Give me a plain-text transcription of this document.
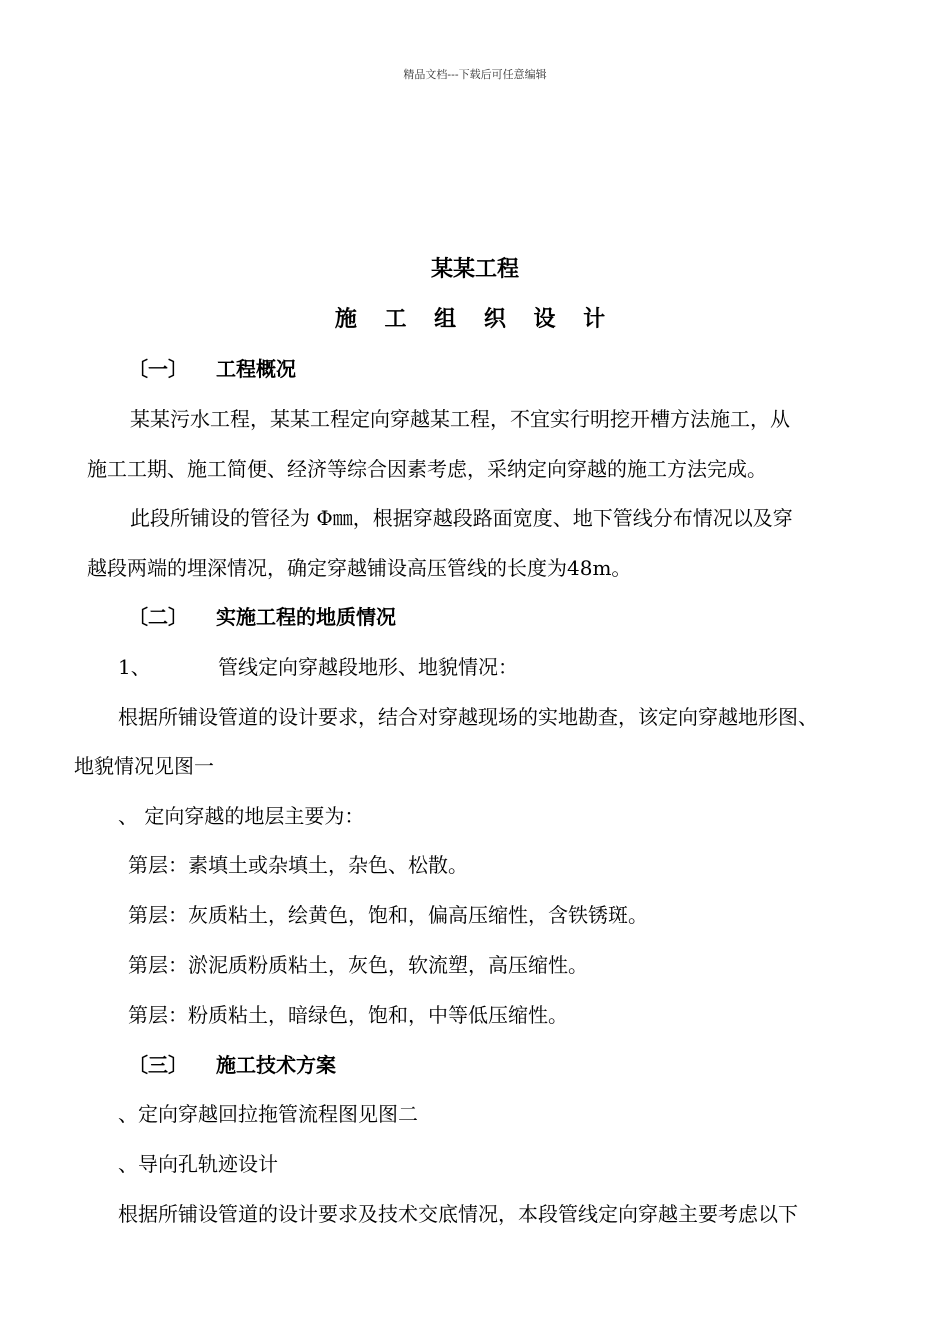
精品文档---下载后可任意编辑
某某工程
施 工 组 织 设 计
〔一〕 工程概况
某某污水工程，某某工程定向穿越某工程，不宜实行明挖开槽方法施工，从
施工工期、施工简便、经济等综合因素考虑，采纳定向穿越的施工方法完成。
此段所铺设的管径为 Φ㎜，根据穿越段路面宽度、地下管线分布情况以及穿
越段两端的埋深情况，确定穿越铺设高压管线的长度为48m。
〔二〕 实施工程的地质情况
1、	管线定向穿越段地形、地貌情况：
根据所铺设管道的设计要求，结合对穿越现场的实地勘查，该定向穿越地形图、
地貌情况见图一
、 定向穿越的地层主要为：
第层：素填土或杂填土，杂色、松散。
第层：灰质粘土，绘黄色，饱和，偏高压缩性，含铁锈斑。
第层：淤泥质粉质粘土，灰色，软流塑，高压缩性。
第层：粉质粘土，暗绿色，饱和，中等低压缩性。
〔三〕 施工技术方案
、定向穿越回拉拖管流程图见图二
、导向孔轨迹设计
根据所铺设管道的设计要求及技术交底情况，本段管线定向穿越主要考虑以下
